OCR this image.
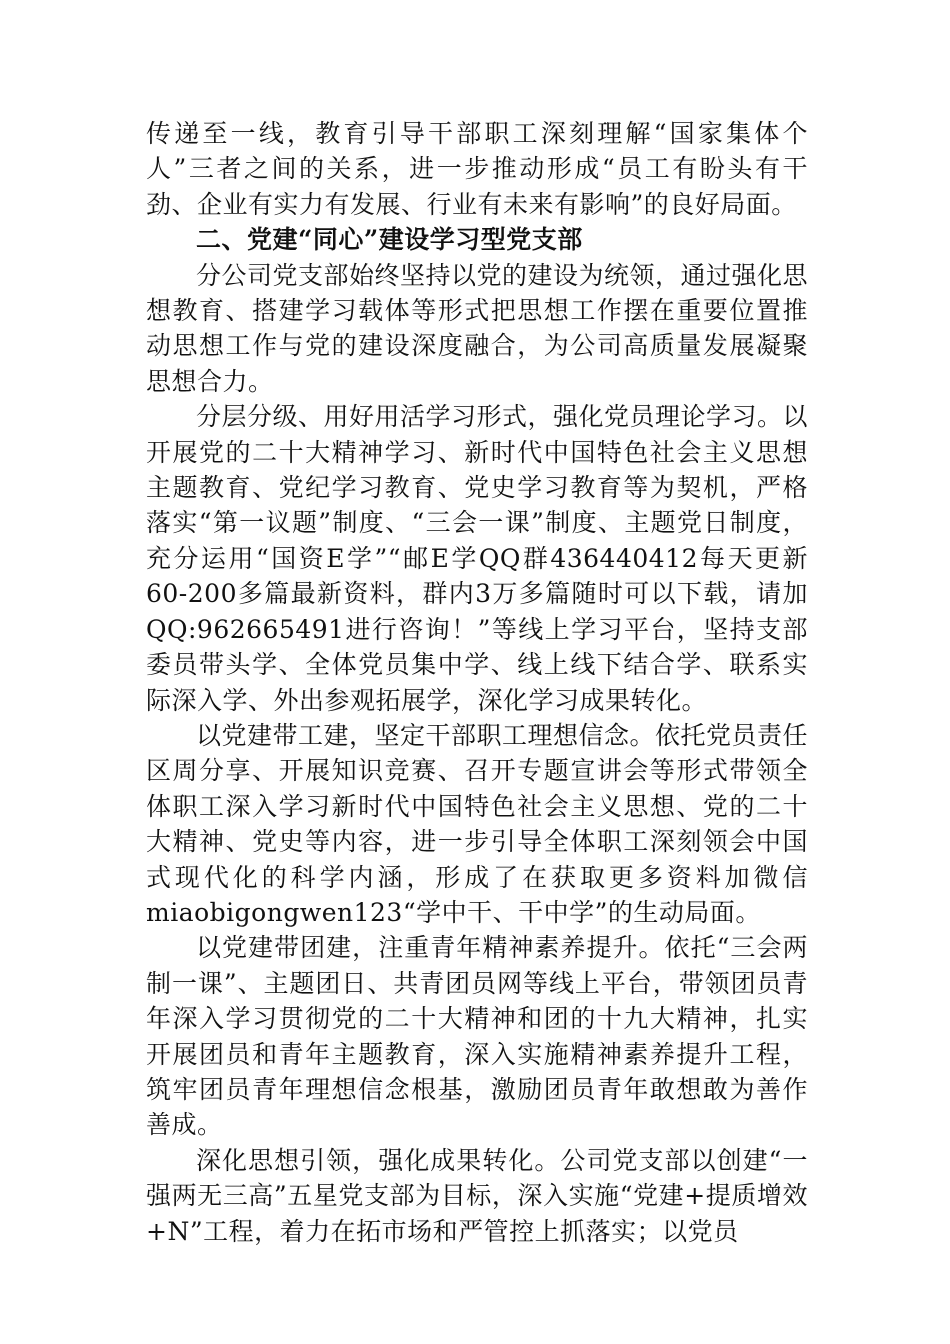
传递至一线，教育引导干部职工深刻理解“国家集体个人”三者之间的关系，进一步推动形成“员工有盼头有干劲、企业有实力有发展、行业有未来有影响”的良好局面。

二、党建“同心”建设学习型党支部

分公司党支部始终坚持以党的建设为统领，通过强化思想教育、搭建学习载体等形式把思想工作摆在重要位置推动思想工作与党的建设深度融合，为公司高质量发展凝聚思想合力。

分层分级、用好用活学习形式，强化党员理论学习。以开展党的二十大精神学习、新时代中国特色社会主义思想主题教育、党纪学习教育、党史学习教育等为契机，严格落实“第一议题”制度、“三会一课”制度、主题党日制度，充分运用“国资E学”“邮E学QQ群436440412每天更新60-200多篇最新资料，群内3万多篇随时可以下载，请加QQ:962665491进行咨询！”等线上学习平台，坚持支部委员带头学、全体党员集中学、线上线下结合学、联系实际深入学、外出参观拓展学，深化学习成果转化。

以党建带工建，坚定干部职工理想信念。依托党员责任区周分享、开展知识竞赛、召开专题宣讲会等形式带领全体职工深入学习新时代中国特色社会主义思想、党的二十大精神、党史等内容，进一步引导全体职工深刻领会中国式现代化的科学内涵，形成了在获取更多资料加微信miaobigongwen123“学中干、干中学”的生动局面。

以党建带团建，注重青年精神素养提升。依托“三会两制一课”、主题团日、共青团员网等线上平台，带领团员青年深入学习贯彻党的二十大精神和团的十九大精神，扎实开展团员和青年主题教育，深入实施精神素养提升工程，筑牢团员青年理想信念根基，激励团员青年敢想敢为善作善成。

深化思想引领，强化成果转化。公司党支部以创建“一强两无三高”五星党支部为目标，深入实施“党建+提质增效+N”工程，着力在拓市场和严管控上抓落实；以党员
